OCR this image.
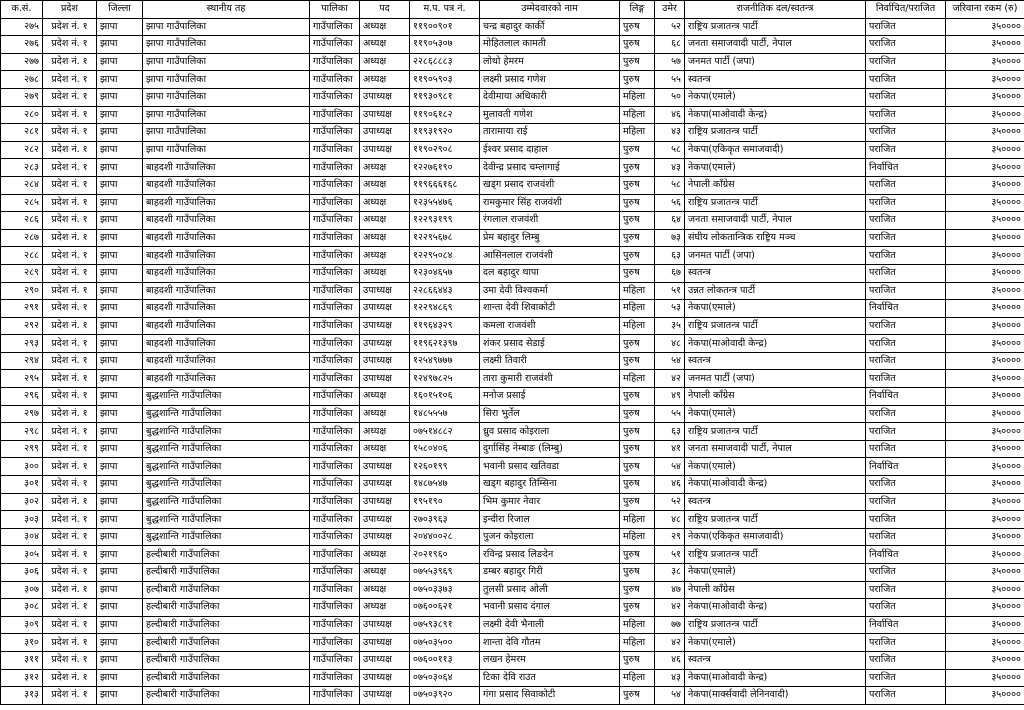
क.सं.	प्रदेश	जिल्ला	स्थानीय तह	पालिका	पद	म.प. पत्र नं.	उम्मेदवारको नाम	लिङ्ग	उमेर	राजनीतिक दल/स्वतन्त्र	निर्वाचित/पराजित	जरिवाना रकम (रु)
२७५	प्रदेश नं. १	झापा	झापा गाउँपालिका	गाउँपालिका	अध्यक्ष	११९००९०१	चन्द्र बहादुर कार्की	पुरुष	५२	राष्ट्रिय प्रजातन्त्र पार्टी	पराजित	३५००००
२७६	प्रदेश नं. १	झापा	झापा गाउँपालिका	गाउँपालिका	अध्यक्ष	११९०५३०७	मोहितलाल कामती	पुरुष	६८	जनता समाजवादी पार्टी, नेपाल	पराजित	३५००००
२७७	प्रदेश नं. १	झापा	झापा गाउँपालिका	गाउँपालिका	अध्यक्ष	२२८६८८८३	लोथो हेमरम	पुरुष	५७	जनमत पार्टी (जपा)	पराजित	३५००००
२७८	प्रदेश नं. १	झापा	झापा गाउँपालिका	गाउँपालिका	अध्यक्ष	११९०५९०३	लक्ष्मी प्रसाद गणेश	पुरुष	५५	स्वतन्त्र	पराजित	३५००००
२७९	प्रदेश नं. १	झापा	झापा गाउँपालिका	गाउँपालिका	उपाध्यक्ष	११९३०९८१	देवीमाया अधिकारी	महिला	५०	नेकपा(एमाले)	पराजित	३५००००
२८०	प्रदेश नं. १	झापा	झापा गाउँपालिका	गाउँपालिका	उपाध्यक्ष	११९०६१८२	मुलावती गणेश	महिला	४६	नेकपा(माओवादी केन्द्र)	पराजित	३५००००
२८१	प्रदेश नं. १	झापा	झापा गाउँपालिका	गाउँपालिका	उपाध्यक्ष	११९३१९२०	तारामाया राई	महिला	४३	राष्ट्रिय प्रजातन्त्र पार्टी	पराजित	३५००००
२८२	प्रदेश नं. १	झापा	झापा गाउँपालिका	गाउँपालिका	उपाध्यक्ष	११९०२९०८	ईश्वर प्रसाद दाहाल	पुरुष	५८	नेकपा(एकिकृत समाजवादी)	पराजित	३५००००
२८३	प्रदेश नं. १	झापा	बाहदशी गाउँपालिका	गाउँपालिका	अध्यक्ष	१२२७६१९०	देवीन्द्र प्रसाद चम्लागाई	पुरुष	४३	नेकपा(एमाले)	निर्वाचित	३५००००
२८४	प्रदेश नं. १	झापा	बाहदशी गाउँपालिका	गाउँपालिका	अध्यक्ष	११९६६६१६८	खड्ग प्रसाद राजवंशी	पुरुष	५८	नेपाली काँग्रेस	पराजित	३५००००
२८५	प्रदेश नं. १	झापा	बाहदशी गाउँपालिका	गाउँपालिका	अध्यक्ष	१२३५५४७६	रामकुमार सिंह राजवंशी	पुरुष	५६	राष्ट्रिय प्रजातन्त्र पार्टी	पराजित	३५००००
२८६	प्रदेश नं. १	झापा	बाहदशी गाउँपालिका	गाउँपालिका	अध्यक्ष	१२२९३१९९	रंगलाल राजवंशी	पुरुष	६४	जनता समाजवादी पार्टी, नेपाल	पराजित	३५००००
२८७	प्रदेश नं. १	झापा	बाहदशी गाउँपालिका	गाउँपालिका	अध्यक्ष	१२२९५६७८	प्रेम बहादुर लिम्बु	पुरुष	७३	संघीय लोकतान्त्रिक राष्ट्रिय मञ्च	पराजित	३५००००
२८८	प्रदेश नं. १	झापा	बाहदशी गाउँपालिका	गाउँपालिका	अध्यक्ष	१२२९५०८४	आसिनलाल राजवंशी	पुरुष	६३	जनमत पार्टी (जपा)	पराजित	३५००००
२८९	प्रदेश नं. १	झापा	बाहदशी गाउँपालिका	गाउँपालिका	अध्यक्ष	१२३०४६५७	दल बहादुर थापा	पुरुष	६७	स्वतन्त्र	पराजित	३५००००
२९०	प्रदेश नं. १	झापा	बाहदशी गाउँपालिका	गाउँपालिका	उपाध्यक्ष	२२८६६४४३	उमा देवी विश्वकर्मा	महिला	५१	उन्नत लोकतन्त्र पार्टी	पराजित	३५००००
२९१	प्रदेश नं. १	झापा	बाहदशी गाउँपालिका	गाउँपालिका	उपाध्यक्ष	१२२९४८६९	शान्ता देवी शिवाकोटी	महिला	५३	नेकपा(एमाले)	निर्वाचित	३५००००
२९२	प्रदेश नं. १	झापा	बाहदशी गाउँपालिका	गाउँपालिका	उपाध्यक्ष	११९६४३२९	कमला राजवंशी	महिला	३५	राष्ट्रिय प्रजातन्त्र पार्टी	पराजित	३५००००
२९३	प्रदेश नं. १	झापा	बाहदशी गाउँपालिका	गाउँपालिका	उपाध्यक्ष	११९६२१३९७	शंकर प्रसाद सेडाई	पुरुष	४८	नेकपा(माओवादी केन्द्र)	पराजित	३५००००
२९४	प्रदेश नं. १	झापा	बाहदशी गाउँपालिका	गाउँपालिका	उपाध्यक्ष	१२५४९७७७	लक्ष्मी तिवारी	पुरुष	५४	स्वतन्त्र	पराजित	३५००००
२९५	प्रदेश नं. १	झापा	बाहदशी गाउँपालिका	गाउँपालिका	उपाध्यक्ष	१२४९७८२५	तारा कुमारी राजवंशी	महिला	४२	जनमत पार्टी (जपा)	पराजित	३५००००
२९६	प्रदेश नं. १	झापा	बुद्धशान्ति गाउँपालिका	गाउँपालिका	अध्यक्ष	१६०१५१०६	मनोज प्रसाई	पुरुष	४९	नेपाली काँग्रेस	निर्वाचित	३५००००
२९७	प्रदेश नं. १	झापा	बुद्धशान्ति गाउँपालिका	गाउँपालिका	अध्यक्ष	१४८५५५७	सिरा भुर्तेल	पुरुष	५५	नेकपा(एमाले)	पराजित	३५००००
२९८	प्रदेश नं. १	झापा	बुद्धशान्ति गाउँपालिका	गाउँपालिका	अध्यक्ष	०७५१४८८२	ध्रुव प्रसाद कोइराला	पुरुष	६३	राष्ट्रिय प्रजातन्त्र पार्टी	पराजित	३५००००
२९९	प्रदेश नं. १	झापा	बुद्धशान्ति गाउँपालिका	गाउँपालिका	अध्यक्ष	१५८०४०६	दुर्गासिंह नेम्बाङ (लिम्बु)	पुरुष	४१	जनता समाजवादी पार्टी, नेपाल	पराजित	३५००००
३००	प्रदेश नं. १	झापा	बुद्धशान्ति गाउँपालिका	गाउँपालिका	उपाध्यक्ष	१२६०१९९	भवानी प्रसाद खतिवडा	पुरुष	५४	नेकपा(एमाले)	निर्वाचित	३५००००
३०१	प्रदेश नं. १	झापा	बुद्धशान्ति गाउँपालिका	गाउँपालिका	उपाध्यक्ष	१४८७५४७	खड्ग बहादुर तिम्सिना	पुरुष	४६	नेकपा(माओवादी केन्द्र)	पराजित	३५००००
३०२	प्रदेश नं. १	झापा	बुद्धशान्ति गाउँपालिका	गाउँपालिका	उपाध्यक्ष	१९५१९०	भिम कुमार नेवार	पुरुष	५२	स्वतन्त्र	पराजित	३५००००
३०३	प्रदेश नं. १	झापा	बुद्धशान्ति गाउँपालिका	गाउँपालिका	उपाध्यक्ष	२७०३९६३	इन्दीरा रिजाल	महिला	४८	राष्ट्रिय प्रजातन्त्र पार्टी	पराजित	३५००००
३०४	प्रदेश नं. १	झापा	बुद्धशान्ति गाउँपालिका	गाउँपालिका	उपाध्यक्ष	२०४४००२८	पुजन कोइराला	महिला	२९	नेकपा(एकिकृत समाजवादी)	पराजित	३५००००
३०५	प्रदेश नं. १	झापा	हल्दीबारी गाउँपालिका	गाउँपालिका	अध्यक्ष	२०२१९६०	रविन्द्र प्रसाद लिङदेन	पुरुष	५१	राष्ट्रिय प्रजातन्त्र पार्टी	निर्वाचित	३५००००
३०६	प्रदेश नं. १	झापा	हल्दीबारी गाउँपालिका	गाउँपालिका	अध्यक्ष	०७५५३९६९	डम्बर बहादुर गिरी	पुरुष	३८	नेकपा(एमाले)	पराजित	३५००००
३०७	प्रदेश नं. १	झापा	हल्दीबारी गाउँपालिका	गाउँपालिका	अध्यक्ष	०७५०३३७३	तुलसी प्रसाद ओली	पुरुष	४७	नेपाली काँग्रेस	पराजित	३५००००
३०८	प्रदेश नं. १	झापा	हल्दीबारी गाउँपालिका	गाउँपालिका	अध्यक्ष	०७६००६२१	भवानी प्रसाद दंगाल	पुरुष	४२	नेकपा(माओवादी केन्द्र)	पराजित	३५००००
३०९	प्रदेश नं. १	झापा	हल्दीबारी गाउँपालिका	गाउँपालिका	उपाध्यक्ष	०७५९३८९१	लक्ष्मी देवी भैनाली	महिला	७७	राष्ट्रिय प्रजातन्त्र पार्टी	निर्वाचित	३५००००
३१०	प्रदेश नं. १	झापा	हल्दीबारी गाउँपालिका	गाउँपालिका	उपाध्यक्ष	०७५०३५००	शान्ता देवि गौतम	महिला	४२	नेकपा(एमाले)	पराजित	३५००००
३११	प्रदेश नं. १	झापा	हल्दीबारी गाउँपालिका	गाउँपालिका	उपाध्यक्ष	०७६००११३	लखन हेमरम	पुरुष	४६	स्वतन्त्र	पराजित	३५००००
३१२	प्रदेश नं. १	झापा	हल्दीबारी गाउँपालिका	गाउँपालिका	उपाध्यक्ष	०७५०३०६४	टिका देवि राउत	महिला	४३	नेकपा(माओवादी केन्द्र)	पराजित	३५००००
३१३	प्रदेश नं. १	झापा	हल्दीबारी गाउँपालिका	गाउँपालिका	उपाध्यक्ष	०७५०३९२०	गंगा प्रसाद सिवाकोटी	पुरुष	५४	नेकपा(मार्क्सवादी लेनिनवादी)	पराजित	३५००००
